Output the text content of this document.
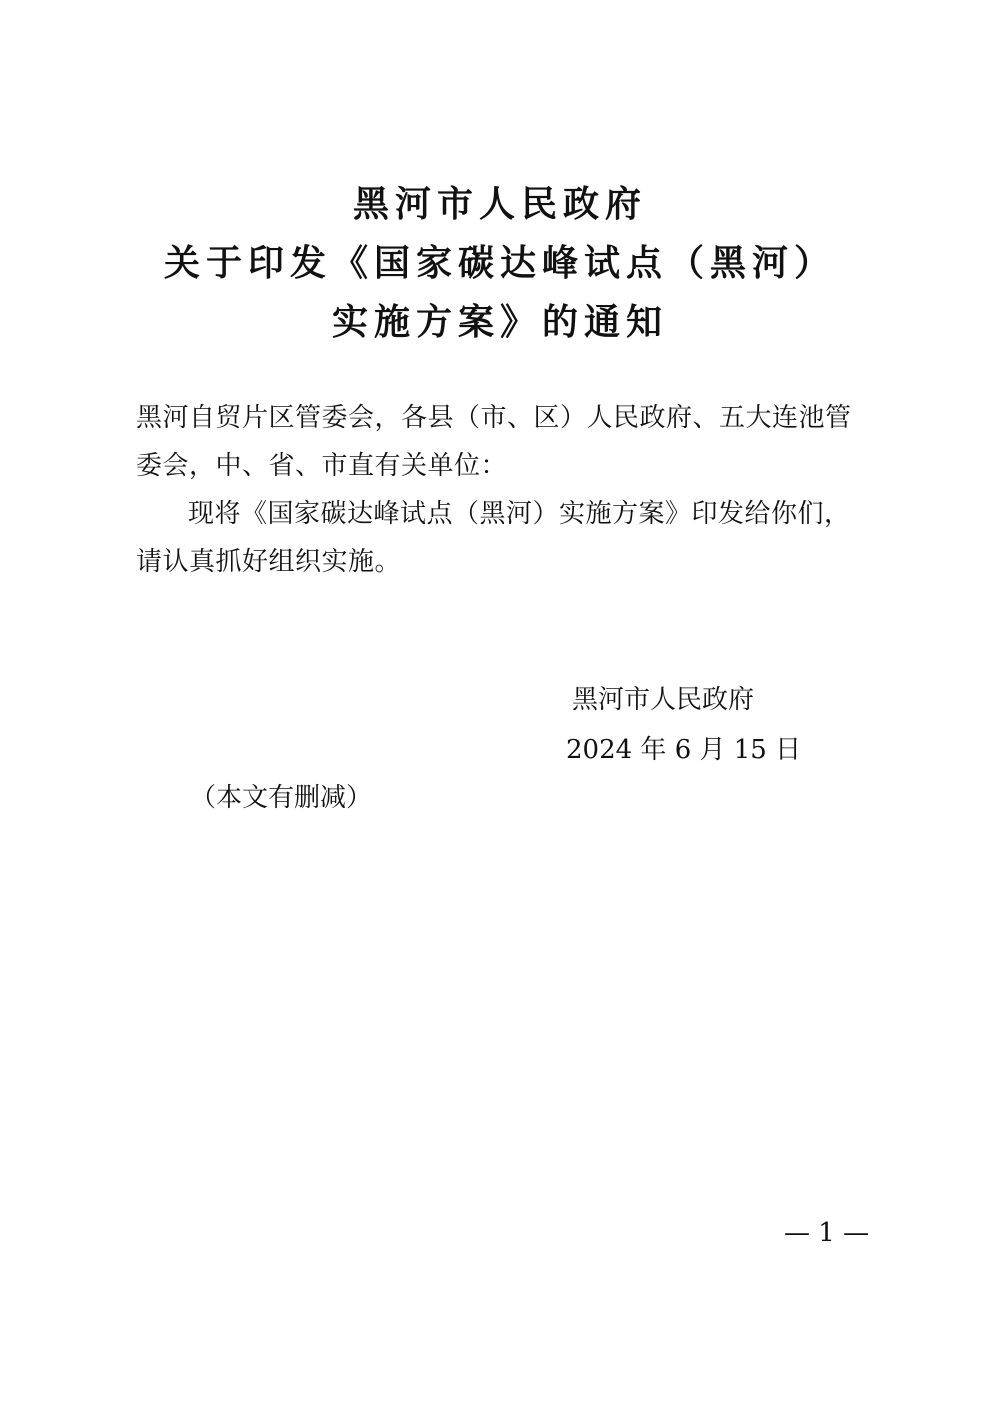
黑河市人民政府
关于印发《国家碳达峰试点（黑河）
实施方案》的通知
黑河自贸片区管委会，各县（市、区）人民政府、五大连池管委会，中、省、市直有关单位：
现将《国家碳达峰试点（黑河）实施方案》印发给你们，请认真抓好组织实施。
黑河市人民政府
2024 年 6 月 15 日
（本文有删减）
— 1 —
